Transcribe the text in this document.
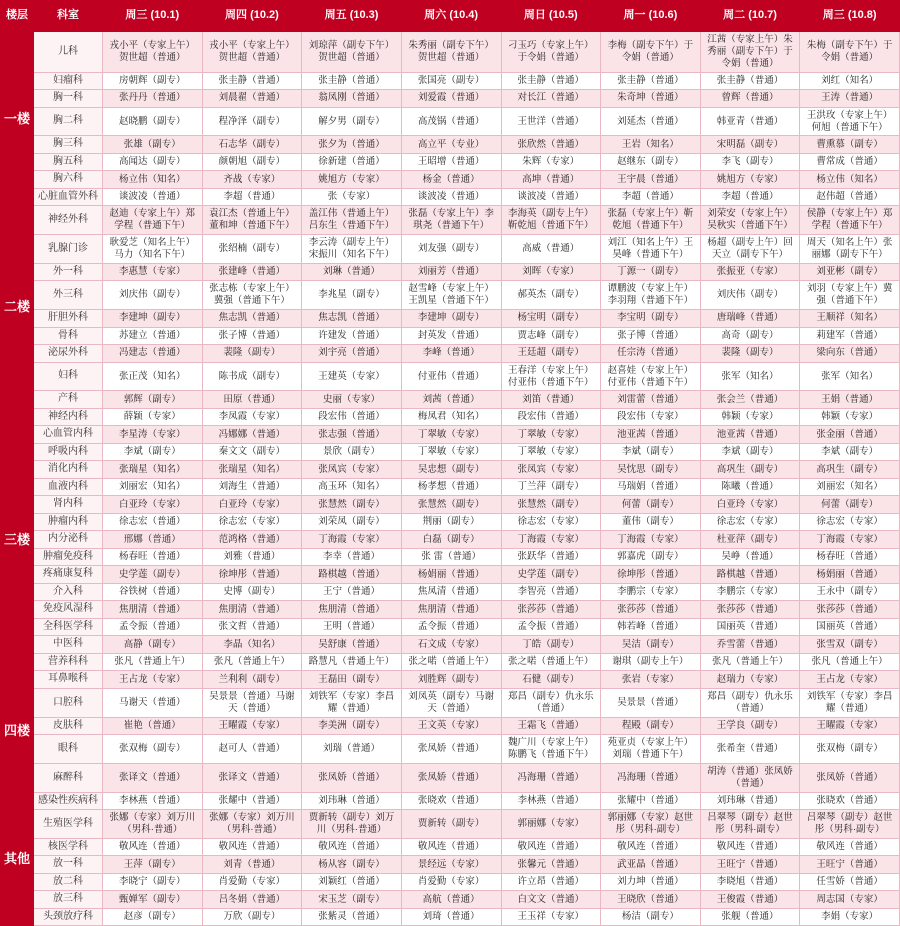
楼层	科室	周三 (10.1)	周四 (10.2)	周五 (10.3)	周六 (10.4)	周日 (10.5)	周一 (10.6)	周二 (10.7)	周三 (10.8)
一楼	儿科	戎小平（专家上午）贺世超（普通）	戎小平（专家上午）贺世超（普通）	刘琼萍（副专下午）贺世超（普通）	朱秀丽（副专下午）贺世超（普通）	刁玉巧（专家上午）于令娟（普通）	李梅（副专下午）于令娟（普通）	江茜（专家上午）朱秀丽（副专下午）于令娟（普通）	朱梅（副专下午）于令娟（普通）
	妇瘤科	房朝辉（副专）	张圭静（普通）	张圭静（普通）	张国亮（副专）	张圭静（普通）	张圭静（普通）	张圭静（普通）	刘红（知名）
	胸一科	张丹丹（普通）	刘晨翟（普通）	翁凤刚（普通）	刘爱霞（普通）	对长江（普通）	朱奇坤（普通）	曾辉（普通）	王涛（普通）
	胸二科	赵晓鹏（副专）	程净泽（副专）	解夕男（副专）	高茂锅（普通）	王世洋（普通）	刘延杰（普通）	韩亚青（普通）	王洪玫（专家上午）何旭（普通下午）
	胸三科	张雄（副专）	石志华（副专）	张夕为（普通）	高立平（专业）	张欣然（普通）	王岩（知名）	宋明磊（副专）	曹熏慕（副专）
	胸五科	高闻达（副专）	颜朝旭（副专）	徐新建（普通）	王昭增（普通）	朱辉（专家）	赵继东（副专）	李飞（副专）	曹常成（普通）
	胸六科	杨立伟（知名）	齐战（专家）	姚旭方（专家）	杨金（普通）	高坤（普通）	王宇晨（普通）	姚旭方（专家）	杨立伟（知名）
	心脏血管外科	谈波凌（普通）	李超（普通）	张（专家）	谈波凌（普通）	谈波凌（普通）	李超（普通）	李超（普通）	赵伟超（普通）
二楼	神经外科	赵迪（专家上午）郑学程（普通下午）	袁江杰（普通上午）董和坤（普通下午）	盖江伟（普通上午）吕东生（普通下午）	张磊（专家上午）李琪尧（普通下午）	李海英（副专上午）靳乾旭（普通下午）	张磊（专家上午）靳乾旭（普通下午）	刘荣安（专家上午）吴秋实（普通下午）	侯静（专家上午）郑学程（普通下午）
	乳腺门诊	耿爱芝（知名上午）马力（知名下午）	张绍楠（副专）	李云涛（副专上午）宋振川（知名下午）	刘友强（副专）	高威（普通）	刘江（知名上午）王昊峰（普通下午）	杨超（副专上午）回天立（副专下午）	周天（知名上午）张丽娜（副专下午）
	外一科	李惠慧（专家）	张建峰（普通）	刘琳（普通）	刘丽芳（普通）	刘晖（专家）	丁源一（副专）	张振亚（专家）	刘亚彬（副专）
	外三科	刘庆伟（副专）	张志栋（专家上午）冀强（普通下午）	李兆星（副专）	赵雪峰（专家上午）王凯星（普通下午）	郝英杰（副专）	谭鹏波（专家上午）李羽翔（普通下午）	刘庆伟（副专）	刘羽（专家上午）冀强（普通下午）
	肝胆外科	李建坤（副专）	焦志凯（普通）	焦志凯（普通）	李建坤（副专）	杨宝明（副专）	李宝明（副专）	唐瑞峰（普通）	王顺祥（知名）
	骨科	苏建立（普通）	张子博（普通）	许建发（普通）	封英发（普通）	贾志峰（副专）	张子博（普通）	高奇（副专）	莉建军（普通）
	泌尿外科	冯建志（普通）	裴隆（副专）	刘宇亮（普通）	李峰（普通）	王廷超（副专）	任宗涛（普通）	裴隆（副专）	梁向东（普通）
	妇科	张正茂（知名）	陈书成（副专）	王建英（专家）	付亚伟（普通）	王春洋（专家上午）付亚伟（普通下午）	赵喜娃（专家上午）付亚伟（普通下午）	张军（知名）	张军（知名）
	产科	郭辉（副专）	田原（普通）	史丽（专家）	刘茜（普通）	刘笛（普通）	刘雷蕾（普通）	张会兰（普通）	王娟（普通）
三楼	神经内科	薛颖（专家）	李凤霞（专家）	段宏伟（普通）	梅凤君（知名）	段宏伟（普通）	段宏伟（专家）	韩颖（专家）	韩颖（专家）
	心血管内科	李星涛（专家）	冯娜娜（普通）	张志强（普通）	丁翠敏（专家）	丁翠敏（专家）	池亚茜（普通）	池亚茜（普通）	张金丽（普通）
	呼吸内科	李斌（副专）	秦文文（副专）	景欣（副专）	丁翠敏（专家）	丁翠敏（专家）	李斌（副专）	李斌（副专）	李斌（副专）
	消化内科	张瑞星（知名）	张瑞星（知名）	张凤宾（专家）	吴忠想（副专）	张凤宾（专家）	吴忱思（副专）	高巩生（副专）	高巩生（副专）
	血液内科	刘丽宏（知名）	刘海生（普通）	高玉环（知名）	杨孝想（普通）	丁兰萍（副专）	马瑞娟（普通）	陈曦（普通）	刘丽宏（知名）
	肾内科	白亚玲（专家）	白亚玲（专家）	张慧然（副专）	张慧然（副专）	张慧然（副专）	何蕾（副专）	白亚玲（专家）	何蕾（副专）
	肿瘤内科	徐志宏（普通）	徐志宏（专家）	刘荣凤（副专）	荆丽（副专）	徐志宏（专家）	董伟（副专）	徐志宏（专家）	徐志宏（专家）
	内分泌科	邢娜（普通）	范鸿格（普通）	丁海霞（专家）	白磊（副专）	丁海霞（专家）	丁海霞（专家）	杜亚萍（副专）	丁海霞（专家）
	肿瘤免疫科	杨春旺（普通）	刘雅（普通）	李幸（普通）	张 雷（普通）	张跃华（普通）	郭嘉虎（副专）	吴峥（普通）	杨春旺（普通）
	疼痛康复科	史学莲（副专）	徐坤彤（普通）	路棋越（普通）	杨娟丽（普通）	史学莲（副专）	徐坤彤（普通）	路棋越（普通）	杨娟丽（普通）
	介入科	谷铁树（普通）	史博（副专）	王宁（普通）	焦凤清（普通）	李智亮（普通）	李鹏宗（专家）	李鹏宗（专家）	王永中（副专）
	免疫风湿科	焦朋清（普通）	焦朋清（普通）	焦朋清（普通）	焦朋清（普通）	张莎莎（普通）	张莎莎（普通）	张莎莎（普通）	张莎莎（普通）
	全科医学科	孟令振（普通）	张文哲（普通）	王明（普通）	孟令振（普通）	孟令振（普通）	韩若峰（普通）	国丽英（普通）	国丽英（普通）
	中医科	高静（副专）	李晶（知名）	吴舒康（普通）	石文成（专家）	丁皓（副专）	吴洁（副专）	乔雪蕾（普通）	张雪双（副专）
	营养科科	张凡（普通上午）	张凡（普通上午）	路慧凡（普通上午）	张之喏（普通上午）	张之喏（普通上午）	谢琪（副专上午）	张凡（普通上午）	张凡（普通上午）
四楼	耳鼻喉科	王占龙（专家）	兰利利（副专）	王磊田（副专）	刘胜辉（副专）	石健（副专）	张岩（专家）	赵瑞力（专家）	王占龙（专家）
	口腔科	马谢天（普通）	吴景景（普通）马谢天（普通）	刘铁军（专家）李昌耀（普通）	刘凤英（副专）马谢天（普通）	郑昌（副专）仇永乐（普通）	吴景景（普通）	郑昌（副专）仇永乐（普通）	刘铁军（专家）李昌耀（普通）
	皮肤科	崔艳（普通）	王曜霞（专家）	李美洲（副专）	王文英（专家）	王霜飞（普通）	程殿（副专）	王学良（副专）	王曜霞（专家）
	眼科	张双梅（副专）	赵可人（普通）	刘瑞（普通）	张凤娇（普通）	魏广川（专家上午）陈鹏飞（普通下午）	苑亚贞（专家上午）刘瑞（普通下午）	张希奎（普通）	张双梅（副专）
	麻醉科	张译文（普通）	张译文（普通）	张凤娇（普通）	张凤娇（普通）	冯海珊（普通）	冯海珊（普通）	胡涛（普通）张凤娇（普通）	张凤娇（普通）
其他	感染性疾病科	李林燕（普通）	张耀中（普通）	刘玮琳（普通）	张晓欢（普通）	李林燕（普通）	张耀中（普通）	刘玮琳（普通）	张晓欢（普通）
	生殖医学科	张娜（专家）刘万川（男科·普通）	张娜（专家）刘万川（男科·普通）	贾新转（副专）刘万川（男科·普通）	贾新转（副专）	郭丽娜（专家）	郭丽娜（专家）赵世彤（男科·副专）	吕翠琴（副专）赵世彤（男科·副专）	吕翠琴（副专）赵世彤（男科·副专）
	核医学科	敬风连（普通）	敬风连（普通）	敬风连（普通）	敬风连（普通）	敬风连（普通）	敬风连（普通）	敬风连（普通）	敬风连（普通）
	放一科	王萍（副专）	刘青（普通）	杨从容（副专）	景经远（专家）	张馨元（普通）	武亚晶（普通）	王旺宁（普通）	王旺宁（普通）
	放二科	李晓宁（副专）	肖爱勤（专家）	刘颖红（普通）	肖爱勤（专家）	许立昂（普通）	刘力坤（普通）	李晓旭（普通）	任雪娇（普通）
	放三科	甄婵军（副专）	吕冬娟（普通）	宋玉芝（副专）	高航（普通）	白文文（普通）	王晓欣（普通）	王俊霞（普通）	周志国（专家）
	头颈放疗科	赵彦（副专）	万欣（副专）	张紫灵（普通）	刘琦（普通）	王玉祥（专家）	杨洁（副专）	张舰（普通）	李娟（专家）
